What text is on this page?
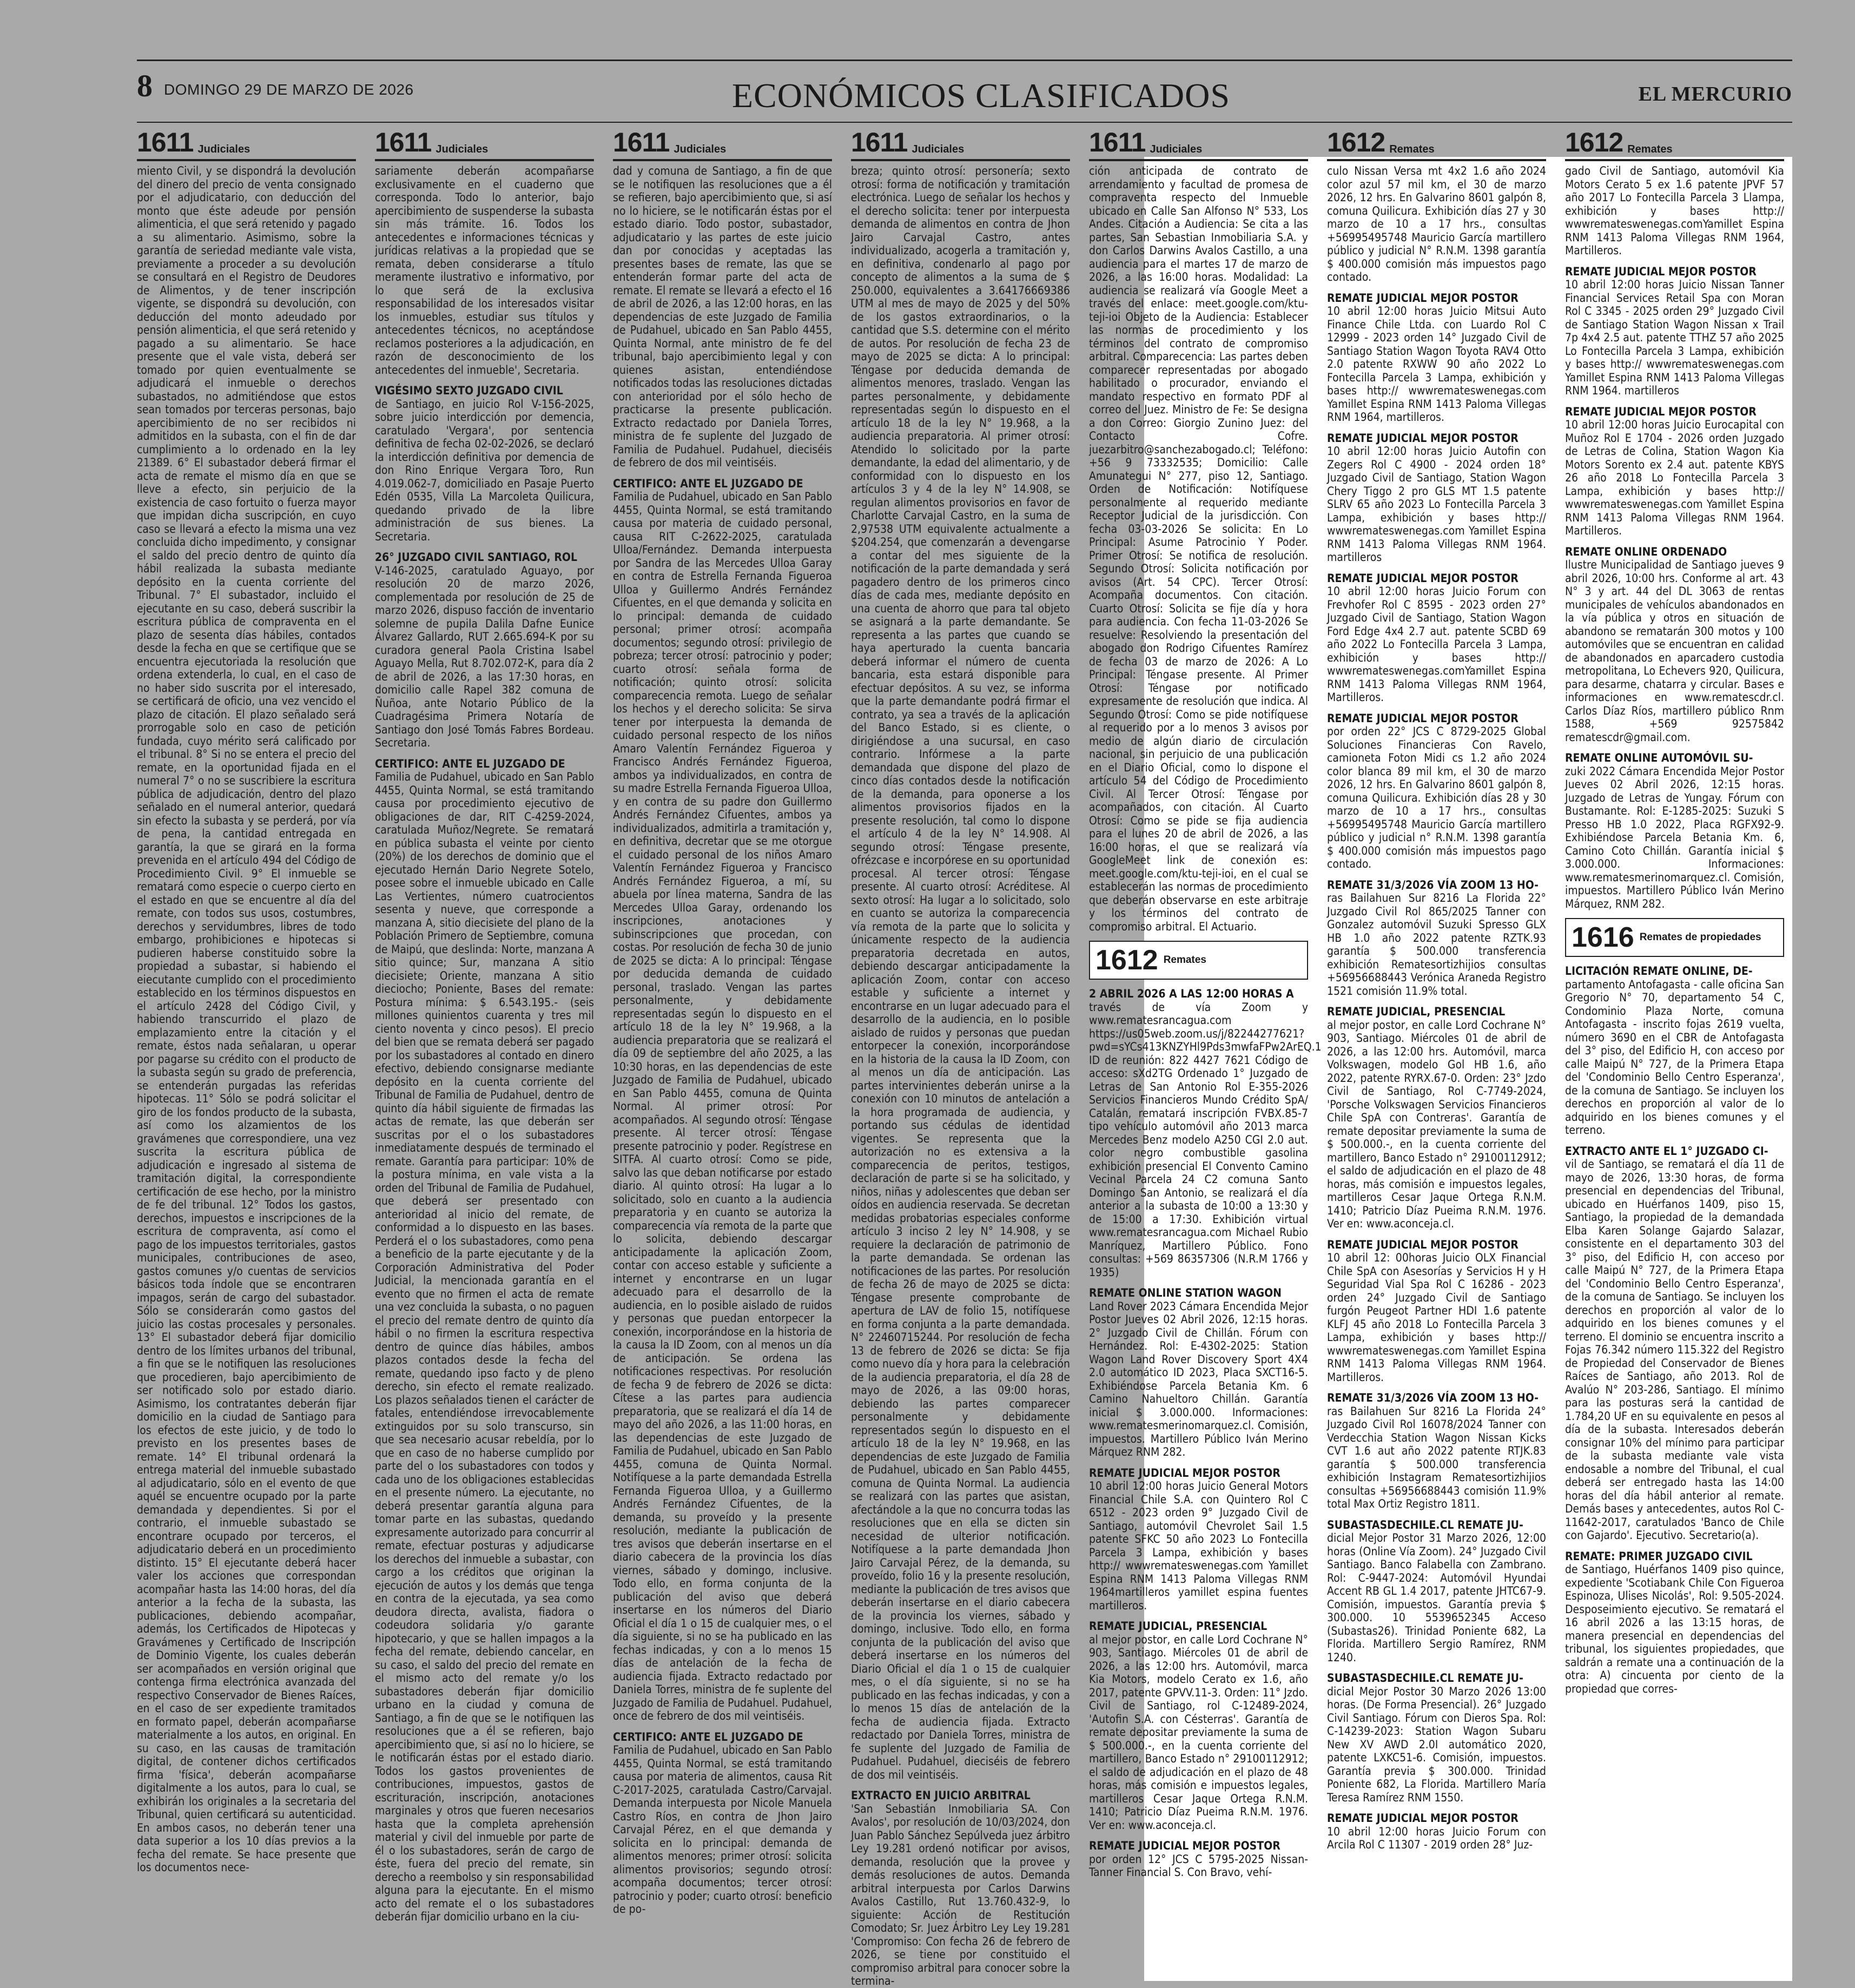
8 DOMINGO 29 DE MARZO DE 2026	ECONÓMICOS CLASIFICADOS	EL MERCURIO
1611 Judiciales

miento Civil, y se dispondrá la devolución del dinero del precio de venta consignado por el adjudicatario, con deducción del monto que éste adeude por pensión alimenticia, el que será retenido y pagado a su alimentario. Asimismo, sobre la garantía de seriedad mediante vale vista, previamente a proceder a su devolución se consultará en el Registro de Deudores de Alimentos, y de tener inscripción vigente, se dispondrá su devolución, con deducción del monto adeudado por pensión alimenticia, el que será retenido y pagado a su alimentario. Se hace presente que el vale vista, deberá ser tomado por quien eventualmente se adjudicará el inmueble o derechos subastados, no admitiéndose que estos sean tomados por terceras personas, bajo apercibimiento de no ser recibidos ni admitidos en la subasta, con el fin de dar cumplimiento a lo ordenado en la ley 21389. 6° El subastador deberá firmar el acta de remate el mismo día en que se lleve a efecto, sin perjuicio de la existencia de caso fortuito o fuerza mayor que impidan dicha suscripción, en cuyo caso se llevará a efecto la misma una vez concluida dicho impedimento, y consignar el saldo del precio dentro de quinto día hábil realizada la subasta mediante depósito en la cuenta corriente del Tribunal. 7° El subastador, incluido el ejecutante en su caso, deberá suscribir la escritura pública de compraventa en el plazo de sesenta días hábiles, contados desde la fecha en que se certifique que se encuentra ejecutoriada la resolución que ordena extenderla, lo cual, en el caso de no haber sido suscrita por el interesado, se certificará de oficio, una vez vencido el plazo de citación. El plazo señalado será prorrogable solo en caso de petición fundada, cuyo mérito será calificado por el tribunal. 8° Si no se entera el precio del remate, en la oportunidad fijada en el numeral 7° o no se suscribiere la escritura pública de adjudicación, dentro del plazo señalado en el numeral anterior, quedará sin efecto la subasta y se perderá, por vía de pena, la cantidad entregada en garantía, la que se girará en la forma prevenida en el artículo 494 del Código de Procedimiento Civil. 9° El inmueble se rematará como especie o cuerpo cierto en el estado en que se encuentre al día del remate, con todos sus usos, costumbres, derechos y servidumbres, libres de todo embargo, prohibiciones e hipotecas si pudieren haberse constituido sobre la propiedad a subastar, si habiendo el eiecutante cumplido con el procedimiento establecido en los términos dispuestos en el artículo 2428 del Código Civil, y habiendo transcurrido el plazo de emplazamiento entre la citación y el remate, éstos nada señalaran, u operar por pagarse su crédito con el producto de la subasta según su grado de preferencia, se entenderán purgadas las referidas hipotecas. 11° Sólo se podrá solicitar el giro de los fondos producto de la subasta, así como los alzamientos de los gravámenes que correspondiere, una vez suscrita la escritura pública de adjudicación e ingresado al sistema de tramitación digital, la correspondiente certificación de ese hecho, por la ministro de fe del tribunal. 12° Todos los gastos, derechos, impuestos e inscripciones de la escritura de compraventa, así como el pago de los impuestos territoriales, gastos municipales, contribuciones de aseo, gastos comunes y/o cuentas de servicios básicos toda índole que se encontraren impagos, serán de cargo del subastador. Sólo se considerarán como gastos del juicio las costas procesales y personales. 13° El subastador deberá fijar domicilio dentro de los límites urbanos del tribunal, a fin que se le notifiquen las resoluciones que procedieren, bajo apercibimiento de ser notificado solo por estado diario. Asimismo, los contratantes deberán fijar domicilio en la ciudad de Santiago para los efectos de este juicio, y de todo lo previsto en los presentes bases de remate. 14° El tribunal ordenará la entrega material del inmueble subastado al adjudicatario, sólo en el evento de que aquél se encuentre ocupado por la parte demandada y dependientes. Si por el contrario, el inmueble subastado se encontrare ocupado por terceros, el adjudicatario deberá en un procedimiento distinto. 15° El ejecutante deberá hacer valer los acciones que correspondan acompañar hasta las 14:00 horas, del día anterior a la fecha de la subasta, las publicaciones, debiendo acompañar, además, los Certificados de Hipotecas y Gravámenes y Certificado de Inscripción de Dominio Vigente, los cuales deberán ser acompañados en versión original que contenga firma electrónica avanzada del respectivo Conservador de Bienes Raíces, en el caso de ser expediente tramitados en formato papel, deberán acompañarse materialmente a los autos, en original. En su caso, en las causas de tramitación digital, de contener dichos certificados firma 'física', deberán acompañarse digitalmente a los autos, para lo cual, se exhibirán los originales a la secretaria del Tribunal, quien certificará su autenticidad. En ambos casos, no deberán tener una data superior a los 10 días previos a la fecha del remate. Se hace presente que los documentos nece-

1611 Judiciales

sariamente deberán acompañarse exclusivamente en el cuaderno que corresponda. Todo lo anterior, bajo apercibimiento de suspenderse la subasta sin más trámite. 16. Todos los antecedentes e informaciones técnicas y jurídicas relativas a la propiedad que se remata, deben considerarse a título meramente ilustrativo e informativo, por lo que será de la exclusiva responsabilidad de los interesados visitar los inmuebles, estudiar sus títulos y antecedentes técnicos, no aceptándose reclamos posteriores a la adjudicación, en razón de desconocimiento de los antecedentes del inmueble', Secretaria.

VIGÉSIMO SEXTO JUZGADO CIVIL
de Santiago, en juicio Rol V-156-2025, sobre juicio interdicción por demencia, caratulado 'Vergara', por sentencia definitiva de fecha 02-02-2026, se declaró la interdicción definitiva por demencia de don Rino Enrique Vergara Toro, Run 4.019.062-7, domiciliado en Pasaje Puerto Edén 0535, Villa La Marcoleta Quilicura, quedando privado de la libre administración de sus bienes. La Secretaria.

26° JUZGADO CIVIL SANTIAGO, ROL
V-146-2025, caratulado Aguayo, por resolución 20 de marzo 2026, complementada por resolución de 25 de marzo 2026, dispuso facción de inventario solemne de pupila Dalila Dafne Eunice Álvarez Gallardo, RUT 2.665.694-K por su curadora general Paola Cristina Isabel Aguayo Mella, Rut 8.702.072-K, para día 2 de abril de 2026, a las 17:30 horas, en domicilio calle Rapel 382 comuna de Ñuñoa, ante Notario Público de la Cuadragésima Primera Notaría de Santiago don José Tomás Fabres Bordeau. Secretaria.

CERTIFICO: ANTE EL JUZGADO DE
Familia de Pudahuel, ubicado en San Pablo 4455, Quinta Normal, se está tramitando causa por procedimiento ejecutivo de obligaciones de dar, RIT C-4259-2024, caratulada Muñoz/Negrete. Se rematará en pública subasta el veinte por ciento (20%) de los derechos de dominio que el ejecutado Hernán Dario Negrete Sotelo, posee sobre el inmueble ubicado en Calle Las Vertientes, número cuatrocientos sesenta y nueve, que corresponde a manzana A, sitio diecisiete del plano de la Población Primero de Septiembre, comuna de Maipú, que deslinda: Norte, manzana A sitio quince; Sur, manzana A sitio diecisiete; Oriente, manzana A sitio dieciocho; Poniente, Bases del remate: Postura mínima: $ 6.543.195.- (seis millones quinientos cuarenta y tres mil ciento noventa y cinco pesos). El precio del bien que se remata deberá ser pagado por los subastadores al contado en dinero efectivo, debiendo consignarse mediante depósito en la cuenta corriente del Tribunal de Familia de Pudahuel, dentro de quinto día hábil siguiente de firmadas las actas de remate, las que deberán ser suscritas por el o los subastadores inmediatamente después de terminado el remate. Garantía para participar: 10% de la postura mínima, en vale vista a la orden del Tribunal de Familia de Pudahuel, que deberá ser presentado con anterioridad al inicio del remate, de conformidad a lo dispuesto en las bases. Perderá el o los subastadores, como pena a beneficio de la parte ejecutante y de la Corporación Administrativa del Poder Judicial, la mencionada garantía en el evento que no firmen el acta de remate una vez concluida la subasta, o no paguen el precio del remate dentro de quinto día hábil o no firmen la escritura respectiva dentro de quince días hábiles, ambos plazos contados desde la fecha del remate, quedando ipso facto y de pleno derecho, sin efecto el remate realizado. Los plazos señalados tienen el carácter de fatales, entendiéndose irrevocablemente extinguidos por su solo transcurso, sin que sea necesario acusar rebeldía, por lo que en caso de no haberse cumplido por parte del o los subastadores con todos y cada uno de los obligaciones establecidas en el presente número. La ejecutante, no deberá presentar garantía alguna para tomar parte en las subastas, quedando expresamente autorizado para concurrir al remate, efectuar posturas y adjudicarse los derechos del inmueble a subastar, con cargo a los créditos que originan la ejecución de autos y los demás que tenga en contra de la ejecutada, ya sea como deudora directa, avalista, fiadora o codeudora solidaria y/o garante hipotecario, y que se hallen impagos a la fecha del remate, debiendo cancelar, en su caso, el saldo del precio del remate en el mismo acto del remate y/o los subastadores deberán fijar domicilio urbano en la ciudad y comuna de Santiago, a fin de que se le notifiquen las resoluciones que a él se refieren, bajo apercibimiento que, si así no lo hiciere, se le notificarán éstas por el estado diario. Todos los gastos provenientes de contribuciones, impuestos, gastos de escrituración, inscripción, anotaciones marginales y otros que fueren necesarios hasta que la completa aprehensión material y civil del inmueble por parte de él o los subastadores, serán de cargo de éste, fuera del precio del remate, sin derecho a reembolso y sin responsabilidad alguna para la ejecutante. En el mismo acto del remate el o los subastadores deberán fijar domicilio urbano en la ciu-

1611 Judiciales

dad y comuna de Santiago, a fin de que se le notifiquen las resoluciones que a él se refieren, bajo apercibimiento que, si así no lo hiciere, se le notificarán éstas por el estado diario. Todo postor, subastador, adjudicatario y las partes de este juicio dan por conocidas y aceptadas las presentes bases de remate, las que se entenderán formar parte del acta de remate. El remate se llevará a efecto el 16 de abril de 2026, a las 12:00 horas, en las dependencias de este Juzgado de Familia de Pudahuel, ubicado en San Pablo 4455, Quinta Normal, ante ministro de fe del tribunal, bajo apercibimiento legal y con quienes asistan, entendiéndose notificados todas las resoluciones dictadas con anterioridad por el sólo hecho de practicarse la presente publicación. Extracto redactado por Daniela Torres, ministra de fe suplente del Juzgado de Familia de Pudahuel. Pudahuel, dieciséis de febrero de dos mil veintiséis.

CERTIFICO: ANTE EL JUZGADO DE
Familia de Pudahuel, ubicado en San Pablo 4455, Quinta Normal, se está tramitando causa por materia de cuidado personal, causa RIT C-2622-2025, caratulada Ulloa/Fernández. Demanda interpuesta por Sandra de las Mercedes Ulloa Garay en contra de Estrella Fernanda Figueroa Ulloa y Guillermo Andrés Fernández Cifuentes, en el que demanda y solicita en lo principal: demanda de cuidado personal; primer otrosí: acompaña documentos; segundo otrosí: privilegio de pobreza; tercer otrosí: patrocinio y poder; cuarto otrosí: señala forma de notificación; quinto otrosí: solicita comparecencia remota. Luego de señalar los hechos y el derecho solicita: Se sirva tener por interpuesta la demanda de cuidado personal respecto de los niños Amaro Valentín Fernández Figueroa y Francisco Andrés Fernández Figueroa, ambos ya individualizados, en contra de su madre Estrella Fernanda Figueroa Ulloa, y en contra de su padre don Guillermo Andrés Fernández Cifuentes, ambos ya individualizados, admitirla a tramitación y, en definitiva, decretar que se me otorgue el cuidado personal de los niños Amaro Valentín Fernández Figueroa y Francisco Andrés Fernández Figueroa, a mí, su abuela por línea materna, Sandra de las Mercedes Ulloa Garay, ordenando los inscripciones, anotaciones y subinscripciones que procedan, con costas. Por resolución de fecha 30 de junio de 2025 se dicta: A lo principal: Téngase por deducida demanda de cuidado personal, traslado. Vengan las partes personalmente, y debidamente representadas según lo dispuesto en el artículo 18 de la ley N° 19.968, a la audiencia preparatoria que se realizará el día 09 de septiembre del año 2025, a las 10:30 horas, en las dependencias de este Juzgado de Familia de Pudahuel, ubicado en San Pablo 4455, comuna de Quinta Normal. Al primer otrosí: Por acompañados. Al segundo otrosí: Téngase presente. Al tercer otrosí: Téngase presente patrocinio y poder. Regístrese en SITFA. Al cuarto otrosí: Como se pide, salvo las que deban notificarse por estado diario. Al quinto otrosí: Ha lugar a lo solicitado, solo en cuanto a la audiencia preparatoria y en cuanto se autoriza la comparecencia vía remota de la parte que lo solicita, debiendo descargar anticipadamente la aplicación Zoom, contar con acceso estable y suficiente a internet y encontrarse en un lugar adecuado para el desarrollo de la audiencia, en lo posible aislado de ruidos y personas que puedan entorpecer la conexión, incorporándose en la historia de la causa la ID Zoom, con al menos un día de anticipación. Se ordena las notificaciones respectivas. Por resolución de fecha 9 de febrero de 2026 se dicta: Cítese a las partes para audiencia preparatoria, que se realizará el día 14 de mayo del año 2026, a las 11:00 horas, en las dependencias de este Juzgado de Familia de Pudahuel, ubicado en San Pablo 4455, comuna de Quinta Normal. Notifíquese a la parte demandada Estrella Fernanda Figueroa Ulloa, y a Guillermo Andrés Fernández Cifuentes, de la demanda, su proveído y la presente resolución, mediante la publicación de tres avisos que deberán insertarse en el diario cabecera de la provincia los días viernes, sábado y domingo, inclusive. Todo ello, en forma conjunta de la publicación del aviso que deberá insertarse en los números del Diario Oficial el día 1 o 15 de cualquier mes, o el día siguiente, si no se ha publicado en las fechas indicadas, y con a lo menos 15 días de antelación de la fecha de audiencia fijada. Extracto redactado por Daniela Torres, ministra de fe suplente del Juzgado de Familia de Pudahuel. Pudahuel, once de febrero de dos mil veintiséis.

CERTIFICO: ANTE EL JUZGADO DE
Familia de Pudahuel, ubicado en San Pablo 4455, Quinta Normal, se está tramitando causa por materia de alimentos, causa Rit C-2017-2025, caratulada Castro/Carvajal. Demanda interpuesta por Nicole Manuela Castro Ríos, en contra de Jhon Jairo Carvajal Pérez, en el que demanda y solicita en lo principal: demanda de alimentos menores; primer otrosí: solicita alimentos provisorios; segundo otrosí: acompaña documentos; tercer otrosí: patrocinio y poder; cuarto otrosí: beneficio de po-

1611 Judiciales

breza; quinto otrosí: personería; sexto otrosí: forma de notificación y tramitación electrónica. Luego de señalar los hechos y el derecho solicita: tener por interpuesta demanda de alimentos en contra de Jhon Jairo Carvajal Castro, antes individualizado, acogerla a tramitación y, en definitiva, condenarlo al pago por concepto de alimentos a la suma de $ 250.000, equivalentes a 3.64176669386 UTM al mes de mayo de 2025 y del 50% de los gastos extraordinarios, o la cantidad que S.S. determine con el mérito de autos. Por resolución de fecha 23 de mayo de 2025 se dicta: A lo principal: Téngase por deducida demanda de alimentos menores, traslado. Vengan las partes personalmente, y debidamente representadas según lo dispuesto en el artículo 18 de la ley N° 19.968, a la audiencia preparatoria. Al primer otrosí: Atendido lo solicitado por la parte demandante, la edad del alimentario, y de conformidad con lo dispuesto en los artículos 3 y 4 de la ley N° 14.908, se regulan alimentos provisorios en favor de Charlotte Carvajal Castro, en la suma de 2,97538 UTM equivalente actualmente a $204.254, que comenzarán a devengarse a contar del mes siguiente de la notificación de la parte demandada y será pagadero dentro de los primeros cinco días de cada mes, mediante depósito en una cuenta de ahorro que para tal objeto se asignará a la parte demandante. Se representa a las partes que cuando se haya aperturado la cuenta bancaria deberá informar el número de cuenta bancaria, esta estará disponible para efectuar depósitos. A su vez, se informa que la parte demandante podrá firmar el contrato, ya sea a través de la aplicación del Banco Estado, si es cliente, o dirigiéndose a una sucursal, en caso contrario. Infórmese a la parte demandada que dispone del plazo de cinco días contados desde la notificación de la demanda, para oponerse a los alimentos provisorios fijados en la presente resolución, tal como lo dispone el artículo 4 de la ley N° 14.908. Al segundo otrosí: Téngase presente, ofrézcase e incorpórese en su oportunidad procesal. Al tercer otrosí: Téngase presente. Al cuarto otrosí: Acréditese. Al sexto otrosí: Ha lugar a lo solicitado, solo en cuanto se autoriza la comparecencia vía remota de la parte que lo solicita y únicamente respecto de la audiencia preparatoria decretada en autos, debiendo descargar anticipadamente la aplicación Zoom, contar con acceso estable y suficiente a internet y encontrarse en un lugar adecuado para el desarrollo de la audiencia, en lo posible aislado de ruidos y personas que puedan entorpecer la conexión, incorporándose en la historia de la causa la ID Zoom, con al menos un día de anticipación. Las partes intervinientes deberán unirse a la conexión con 10 minutos de antelación a la hora programada de audiencia, y portando sus cédulas de identidad vigentes. Se representa que la autorización no es extensiva a la comparecencia de peritos, testigos, declaración de parte si se ha solicitado, y niños, niñas y adolescentes que deban ser oídos en audiencia reservada. Se decretan medidas probatorias especiales conforme artículo 3 inciso 2 ley N° 14.908, y se requiere la declaración de patrimonio de la parte demandada. Se ordenan las notificaciones de las partes. Por resolución de fecha 26 de mayo de 2025 se dicta: Téngase presente comprobante de apertura de LAV de folio 15, notifíquese en forma conjunta a la parte demandada. N° 22460715244. Por resolución de fecha 13 de febrero de 2026 se dicta: Se fija como nuevo día y hora para la celebración de la audiencia preparatoria, el día 28 de mayo de 2026, a las 09:00 horas, debiendo las partes comparecer personalmente y debidamente representados según lo dispuesto en el artículo 18 de la ley N° 19.968, en las dependencias de este Juzgado de Familia de Pudahuel, ubicado en San Pablo 4455, comuna de Quinta Normal. La audiencia se realizará con las partes que asistan, afectándole a la que no concurra todas las resoluciones que en ella se dicten sin necesidad de ulterior notificación. Notifíquese a la parte demandada Jhon Jairo Carvajal Pérez, de la demanda, su proveído, folio 16 y la presente resolución, mediante la publicación de tres avisos que deberán insertarse en el diario cabecera de la provincia los viernes, sábado y domingo, inclusive. Todo ello, en forma conjunta de la publicación del aviso que deberá insertarse en los números del Diario Oficial el día 1 o 15 de cualquier mes, o el día siguiente, si no se ha publicado en las fechas indicadas, y con a lo menos 15 días de antelación de la fecha de audiencia fijada. Extracto redactado por Daniela Torres, ministra de fe suplente del Juzgado de Familia de Pudahuel. Pudahuel, dieciséis de febrero de dos mil veintiséis.

EXTRACTO EN JUICIO ARBITRAL
'San Sebastián Inmobiliaria SA. Con Avalos', por resolución de 10/03/2024, don Juan Pablo Sánchez Sepúlveda juez árbitro Ley 19.281 ordenó notificar por avisos, demanda, resolución que la provee y demás resoluciones de autos. Demanda arbitral interpuesta por Carlos Darwins Avalos Castillo, Rut 13.760.432-9, lo siguiente: Acción de Restitución Comodato; Sr. Juez Árbitro Ley Ley 19.281 'Compromiso: Con fecha 26 de febrero de 2026, se tiene por constituido el compromiso arbitral para conocer sobre la termina-

1611 Judiciales

ción anticipada de contrato de arrendamiento y facultad de promesa de compraventa respecto del Inmueble ubicado en Calle San Alfonso N° 533, Los Andes. Citación a Audiencia: Se cita a las partes, San Sebastian Inmobiliaria S.A. y don Carlos Darwins Avalos Castillo, a una audiencia para el martes 17 de marzo de 2026, a las 16:00 horas. Modalidad: La audiencia se realizará vía Google Meet a través del enlace: meet.google.com/ktu-teji-ioi Objeto de la Audiencia: Establecer las normas de procedimiento y los términos del contrato de compromiso arbitral. Comparecencia: Las partes deben comparecer representadas por abogado habilitado o procurador, enviando el mandato respectivo en formato PDF al correo del Juez. Ministro de Fe: Se designa a don Correo: Giorgio Zunino Juez: del Contacto Cofre. juezarbitro@sanchezabogado.cl; Teléfono: +56 9 73332535; Domicilio: Calle Amunategui N° 277, piso 12, Santiago. Orden de Notificación: Notifíquese personalmente al requerido mediante Receptor Judicial de la jurisdicción. Con fecha 03-03-2026 Se solicita: En Lo Principal: Asume Patrocinio Y Poder. Primer Otrosí: Se notifica de resolución. Segundo Otrosí: Solicita notificación por avisos (Art. 54 CPC). Tercer Otrosí: Acompaña documentos. Con citación. Cuarto Otrosí: Solicita se fije día y hora para audiencia. Con fecha 11-03-2026 Se resuelve: Resolviendo la presentación del abogado don Rodrigo Cifuentes Ramírez de fecha 03 de marzo de 2026: A Lo Principal: Téngase presente. Al Primer Otrosí: Téngase por notificado expresamente de resolución que indica. Al Segundo Otrosí: Como se pide notifíquese al requerido por a lo menos 3 avisos por medio de algún diario de circulación nacional, sin perjuicio de una publicación en el Diario Oficial, como lo dispone el artículo 54 del Código de Procedimiento Civil. Al Tercer Otrosí: Téngase por acompañados, con citación. Al Cuarto Otrosí: Como se pide se fija audiencia para el lunes 20 de abril de 2026, a las 16:00 horas, el que se realizará vía GoogleMeet link de conexión es: meet.google.com/ktu-teji-ioi, en el cual se establecerán las normas de procedimiento que deberán observarse en este arbitraje y los términos del contrato de compromiso arbitral. El Actuario.

1612 Remates

2 ABRIL 2026 A LAS 12:00 HORAS A
través de vía Zoom y www.rematesrancagua.com https://us05web.zoom.us/j/82244277621?pwd=sYCs413KNZYHl9Pds3mwfaFPw2ArEQ.1 ID de reunión: 822 4427 7621 Código de acceso: sXd2TG Ordenado 1° Juzgado de Letras de San Antonio Rol E-355-2026 Servicios Financieros Mundo Crédito SpA/ Catalán, rematará inscripción FVBX.85-7 tipo vehículo automóvil año 2013 marca Mercedes Benz modelo A250 CGI 2.0 aut. color negro combustible gasolina exhibición presencial El Convento Camino Vecinal Parcela 24 C2 comuna Santo Domingo San Antonio, se realizará el día anterior a la subasta de 10:00 a 13:30 y de 15:00 a 17:30. Exhibición virtual www.rematesrancagua.com Michael Rubio Manríquez, Martillero Público. Fono consultas: +569 86357306 (N.R.M 1766 y 1935)

REMATE ONLINE STATION WAGON
Land Rover 2023 Cámara Encendida Mejor Postor Jueves 02 Abril 2026, 12:15 horas. 2° Juzgado Civil de Chillán. Fórum con Hernández. Rol: E-4302-2025: Station Wagon Land Rover Discovery Sport 4X4 2.0 automático ID 2023, Placa SXCT16-5. Exhibiéndose Parcela Betania Km. 6 Camino Nahueltoro Chillán. Garantía inicial $ 3.000.000. Informaciones: www.rematesmerinomarquez.cl. Comisión, impuestos. Martillero Público Iván Merino Márquez RNM 282.

REMATE JUDICIAL MEJOR POSTOR
10 abril 12:00 horas Juicio General Motors Financial Chile S.A. con Quintero Rol C 6512 - 2023 orden 9° Juzgado Civil de Santiago, automóvil Chevrolet Sail 1.5 patente SFKC 50 año 2023 Lo Fontecilla Parcela 3 Lampa, exhibición y bases http:// wwwremateswenegas.com Yamillet Espina RNM 1413 Paloma Villegas RNM 1964martilleros yamillet espina fuentes martilleros.

REMATE JUDICIAL, PRESENCIAL
al mejor postor, en calle Lord Cochrane N° 903, Santiago. Miércoles 01 de abril de 2026, a las 12:00 hrs. Automóvil, marca Kia Motors, modelo Cerato ex 1.6, año 2017, patente GPVV.11-3. Orden: 11° Jzdo. Civil de Santiago, rol C-12489-2024, 'Autofin S.A. con Césterras'. Garantía de remate depositar previamente la suma de $ 500.000.-, en la cuenta corriente del martillero, Banco Estado n° 29100112912; el saldo de adjudicación en el plazo de 48 horas, más comisión e impuestos legales, martilleros Cesar Jaque Ortega R.N.M. 1410; Patricio Díaz Pueima R.N.M. 1976. Ver en: www.aconceja.cl.

REMATE JUDICIAL MEJOR POSTOR
por orden 12° JCS C 5795-2025 Nissan-Tanner Financial S. Con Bravo, vehí-

1612 Remates

culo Nissan Versa mt 4x2 1.6 año 2024 color azul 57 mil km, el 30 de marzo 2026, 12 hrs. En Galvarino 8601 galpón 8, comuna Quilicura. Exhibición días 27 y 30 marzo de 10 a 17 hrs., consultas +56995495748 Mauricio García martillero público y judicial N° R.N.M. 1398 garantía $ 400.000 comisión más impuestos pago contado.

REMATE JUDICIAL MEJOR POSTOR
10 abril 12:00 horas Juicio Mitsui Auto Finance Chile Ltda. con Luardo Rol C 12999 - 2023 orden 14° Juzgado Civil de Santiago Station Wagon Toyota RAV4 Otto 2.0 patente RXWW 90 año 2022 Lo Fontecilla Parcela 3 Lampa, exhibición y bases http:// wwwremateswenegas.com Yamillet Espina RNM 1413 Paloma Villegas RNM 1964, martilleros.

REMATE JUDICIAL MEJOR POSTOR
10 abril 12:00 horas Juicio Autofin con Zegers Rol C 4900 - 2024 orden 18° Juzgado Civil de Santiago, Station Wagon Chery Tiggo 2 pro GLS MT 1.5 patente SLRV 65 año 2023 Lo Fontecilla Parcela 3 Lampa, exhibición y bases http:// wwwremateswenegas.com Yamillet Espina RNM 1413 Paloma Villegas RNM 1964. martilleros

REMATE JUDICIAL MEJOR POSTOR
10 abril 12:00 horas Juicio Forum con Frevhofer Rol C 8595 - 2023 orden 27° Juzgado Civil de Santiago, Station Wagon Ford Edge 4x4 2.7 aut. patente SCBD 69 año 2022 Lo Fontecilla Parcela 3 Lampa, exhibición y bases http:// wwwremateswenegas.comYamillet Espina RNM 1413 Paloma Villegas RNM 1964, Martilleros.

REMATE JUDICIAL MEJOR POSTOR
por orden 22° JCS C 8729-2025 Global Soluciones Financieras Con Ravelo, camioneta Foton Midi cs 1.2 año 2024 color blanca 89 mil km, el 30 de marzo 2026, 12 hrs. En Galvarino 8601 galpón 8, comuna Quilicura. Exhibición días 28 y 30 marzo de 10 a 17 hrs., consultas +56995495748 Mauricio García martillero público y judicial n° R.N.M. 1398 garantía $ 400.000 comisión más impuestos pago contado.

REMATE 31/3/2026 VÍA ZOOM 13 HO-
ras Bailahuen Sur 8216 La Florida 22° Juzgado Civil Rol 865/2025 Tanner con Gonzalez automóvil Suzuki Spresso GLX HB 1.0 año 2022 patente RZTK.93 garantía $ 500.000 transferencia exhibición Rematesortizhijios consultas +56956688443 Verónica Araneda Registro 1521 comisión 11.9% total.

REMATE JUDICIAL, PRESENCIAL
al mejor postor, en calle Lord Cochrane N° 903, Santiago. Miércoles 01 de abril de 2026, a las 12:00 hrs. Automóvil, marca Volkswagen, modelo Gol HB 1.6, año 2022, patente RYRX.67-0. Orden: 23° Jzdo Civil de Santiago, Rol C-7749-2024, 'Porsche Volkswagen Servicios Financieros Chile SpA con Contreras'. Garantía de remate depositar previamente la suma de $ 500.000.-, en la cuenta corriente del martillero, Banco Estado n° 29100112912; el saldo de adjudicación en el plazo de 48 horas, más comisión e impuestos legales, martilleros Cesar Jaque Ortega R.N.M. 1410; Patricio Díaz Pueima R.N.M. 1976. Ver en: www.aconceja.cl.

REMATE JUDICIAL MEJOR POSTOR
10 abril 12: 00horas Juicio OLX Financial Chile SpA con Asesorías y Servicios H y H Seguridad Vial Spa Rol C 16286 - 2023 orden 24° Juzgado Civil de Santiago furgón Peugeot Partner HDI 1.6 patente KLFJ 45 año 2018 Lo Fontecilla Parcela 3 Lampa, exhibición y bases http:// wwwremateswenegas.com Yamillet Espina RNM 1413 Paloma Villegas RNM 1964. Martilleros.

REMATE 31/3/2026 VÍA ZOOM 13 HO-
ras Bailahuen Sur 8216 La Florida 24° Juzgado Civil Rol 16078/2024 Tanner con Verdecchia Station Wagon Nissan Kicks CVT 1.6 aut año 2022 patente RTJK.83 garantía $ 500.000 transferencia exhibición Instagram Rematesortizhijios consultas +56956688443 comisión 11.9% total Max Ortiz Registro 1811.

SUBASTASDECHILE.CL REMATE JU-
dicial Mejor Postor 31 Marzo 2026, 12:00 horas (Online Vía Zoom). 24° Juzgado Civil Santiago. Banco Falabella con Zambrano. Rol: C-9447-2024: Automóvil Hyundai Accent RB GL 1.4 2017, patente JHTC67-9. Comisión, impuestos. Garantía previa $ 300.000. 10 5539652345 Acceso (Subastas26). Trinidad Poniente 682, La Florida. Martillero Sergio Ramírez, RNM 1240.

SUBASTASDECHILE.CL REMATE JU-
dicial Mejor Postor 30 Marzo 2026 13:00 horas. (De Forma Presencial). 26° Juzgado Civil Santiago. Fórum con Dieros Spa. Rol: C-14239-2023: Station Wagon Subaru New XV AWD 2.0I automático 2020, patente LXKC51-6. Comisión, impuestos. Garantía previa $ 300.000. Trinidad Poniente 682, La Florida. Martillero María Teresa Ramírez RNM 1550.

REMATE JUDICIAL MEJOR POSTOR
10 abril 12:00 horas Juicio Forum con Arcila Rol C 11307 - 2019 orden 28° Juz-

1612 Remates

gado Civil de Santiago, automóvil Kia Motors Cerato 5 ex 1.6 patente JPVF 57 año 2017 Lo Fontecilla Parcela 3 Llampa, exhibición y bases http:// wwwremateswenegas.comYamillet Espina RNM 1413 Paloma Villegas RNM 1964, Martilleros.

REMATE JUDICIAL MEJOR POSTOR
10 abril 12:00 horas Juicio Nissan Tanner Financial Services Retail Spa con Moran Rol C 3345 - 2025 orden 29° Juzgado Civil de Santiago Station Wagon Nissan x Trail 7p 4x4 2.5 aut. patente TTHZ 57 año 2025 Lo Fontecilla Parcela 3 Lampa, exhibición y bases http:// wwwremateswenegas.com Yamillet Espina RNM 1413 Paloma Villegas RNM 1964. martilleros

REMATE JUDICIAL MEJOR POSTOR
10 abril 12:00 horas Juicio Eurocapital con Muñoz Rol E 1704 - 2026 orden Juzgado de Letras de Colina, Station Wagon Kia Motors Sorento ex 2.4 aut. patente KBYS 26 año 2018 Lo Fontecilla Parcela 3 Lampa, exhibición y bases http:// wwwremateswenegas.com Yamillet Espina RNM 1413 Paloma Villegas RNM 1964. Martilleros.

REMATE ONLINE ORDENADO
Ilustre Municipalidad de Santiago jueves 9 abril 2026, 10:00 hrs. Conforme al art. 43 N° 3 y art. 44 del DL 3063 de rentas municipales de vehículos abandonados en la vía pública y otros en situación de abandono se rematarán 300 motos y 100 automóviles que se encuentran en calidad de abandonados en aparcadero custodia metropolitana, Lo Echevers 920, Quilicura, para desarme, chatarra y circular. Bases e informaciones en www.rematescdr.cl. Carlos Díaz Ríos, martillero público Rnm 1588, +569 92575842 rematescdr@gmail.com.

REMATE ONLINE AUTOMÓVIL SU-
zuki 2022 Cámara Encendida Mejor Postor Jueves 02 Abril 2026, 12:15 horas. Juzgado de Letras de Yungay. Fórum con Bustamante. Rol: E-1285-2025: Suzuki S Presso HB 1.0 2022, Placa RGFX92-9. Exhibiéndose Parcela Betania Km. 6, Camino Coto Chillán. Garantía inicial $ 3.000.000. Informaciones: www.rematesmerinomarquez.cl. Comisión, impuestos. Martillero Público Iván Merino Márquez, RNM 282.

1616 Remates de propiedades

LICITACIÓN REMATE ONLINE, DE-
partamento Antofagasta - calle oficina San Gregorio N° 70, departamento 54 C, Condominio Plaza Norte, comuna Antofagasta - inscrito fojas 2619 vuelta, número 3690 en el CBR de Antofagasta del 3° piso, del Edificio H, con acceso por calle Maipú N° 727, de la Primera Etapa del 'Condominio Bello Centro Esperanza', de la comuna de Santiago. Se incluyen los derechos en proporción al valor de lo adquirido en los bienes comunes y el terreno.

EXTRACTO ANTE EL 1° JUZGADO CI-
vil de Santiago, se rematará el día 11 de mayo de 2026, 13:30 horas, de forma presencial en dependencias del Tribunal, ubicado en Huérfanos 1409, piso 15, Santiago, la propiedad de la demandada Elba Karen Solange Gajardo Salazar, consistente en el departamento 303 del 3° piso, del Edificio H, con acceso por calle Maipú N° 727, de la Primera Etapa del 'Condominio Bello Centro Esperanza', de la comuna de Santiago. Se incluyen los derechos en proporción al valor de lo adquirido en los bienes comunes y el terreno. El dominio se encuentra inscrito a Fojas 76.342 número 115.322 del Registro de Propiedad del Conservador de Bienes Raíces de Santiago, año 2013. Rol de Avalúo N° 203-286, Santiago. El mínimo para las posturas será la cantidad de 1.784,20 UF en su equivalente en pesos al día de la subasta. Interesados deberán consignar 10% del mínimo para participar de la subasta mediante vale vista endosable a nombre del Tribunal, el cual deberá ser entregado hasta las 14:00 horas del día hábil anterior al remate. Demás bases y antecedentes, autos Rol C-11642-2017, caratulados 'Banco de Chile con Gajardo'. Ejecutivo. Secretario(a).

REMATE: PRIMER JUZGADO CIVIL
de Santiago, Huérfanos 1409 piso quince, expediente 'Scotiabank Chile Con Figueroa Espinoza, Ulises Nicolás', Rol: 9.505-2024. Desposeimiento ejecutivo. Se rematará el 16 abril 2026 a las 13:15 horas, de manera presencial en dependencias del tribunal, los siguientes propiedades, que saldrán a remate una a continuación de la otra: A) cincuenta por ciento de la propiedad que corres-
